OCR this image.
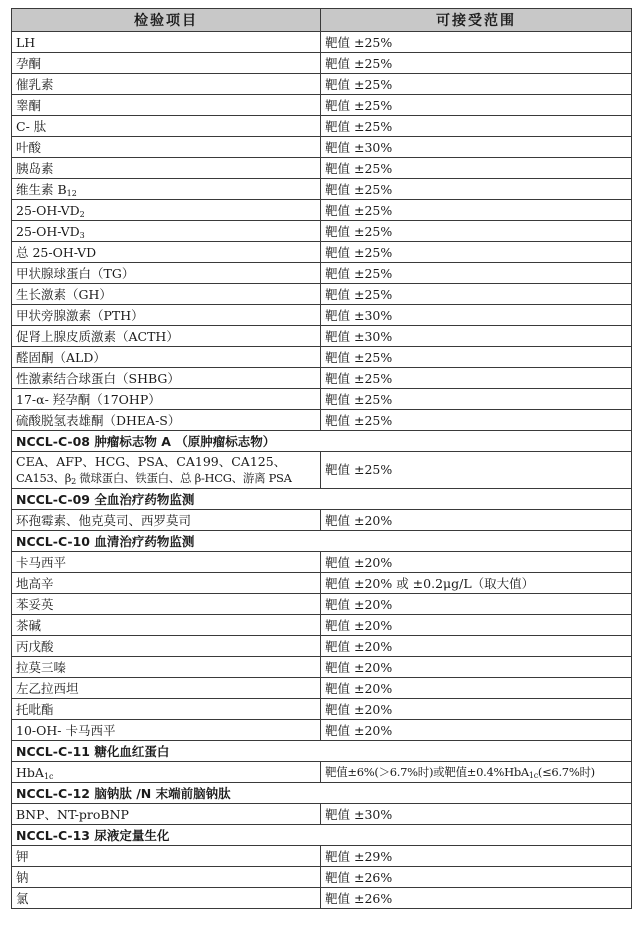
检验项目	可接受范围
LH	靶值 ±25%
孕酮	靶值 ±25%
催乳素	靶值 ±25%
睾酮	靶值 ±25%
C- 肽	靶值 ±25%
叶酸	靶值 ±30%
胰岛素	靶值 ±25%
维生素 $B_{12}$	靶值 ±25%
$25-OH-VD_2$	靶值 ±25%
$25-OH-VD_3$	靶值 ±25%
总 25-OH-VD	靶值 ±25%
甲状腺球蛋白（TG）	靶值 ±25%
生长激素（GH）	靶值 ±25%
甲状旁腺激素（PTH）	靶值 ±30%
促肾上腺皮质激素（ACTH）	靶值 ±30%
醛固酮（ALD）	靶值 ±25%
性激素结合球蛋白（SHBG）	靶值 ±25%
17-α- 羟孕酮（17OHP）	靶值 ±25%
硫酸脱氢表雄酮（DHEA-S）	靶值 ±25%
NCCL-C-08 肿瘤标志物 A （原肿瘤标志物）	
CEA、AFP、HCG、PSA、CA199、CA125、
CA153、$\beta_2$ 微球蛋白、铁蛋白、总 β-HCG、游离 PSA	靶值 ±25%
NCCL-C-09 全血治疗药物监测	
环孢霉素、他克莫司、西罗莫司	靶值 ±20%
NCCL-C-10 血清治疗药物监测	
卡马西平	靶值 ±20%
地高辛	靶值 ±20% 或 ±0.2μg/L（取大值）
苯妥英	靶值 ±20%
茶碱	靶值 ±20%
丙戊酸	靶值 ±20%
拉莫三嗪	靶值 ±20%
左乙拉西坦	靶值 ±20%
托吡酯	靶值 ±20%
10-OH- 卡马西平	靶值 ±20%
NCCL-C-11 糖化血红蛋白	
HbA$_{1c}$	靶值±6%(＞6.7%时)或靶值±0.4%HbA$_{1c}$(≤6.7%时)
NCCL-C-12 脑钠肽 /N 末端前脑钠肽	
BNP、NT-proBNP	靶值 ±30%
NCCL-C-13 尿液定量生化	
钾	靶值 ±29%
钠	靶值 ±26%
氯	靶值 ±26%
